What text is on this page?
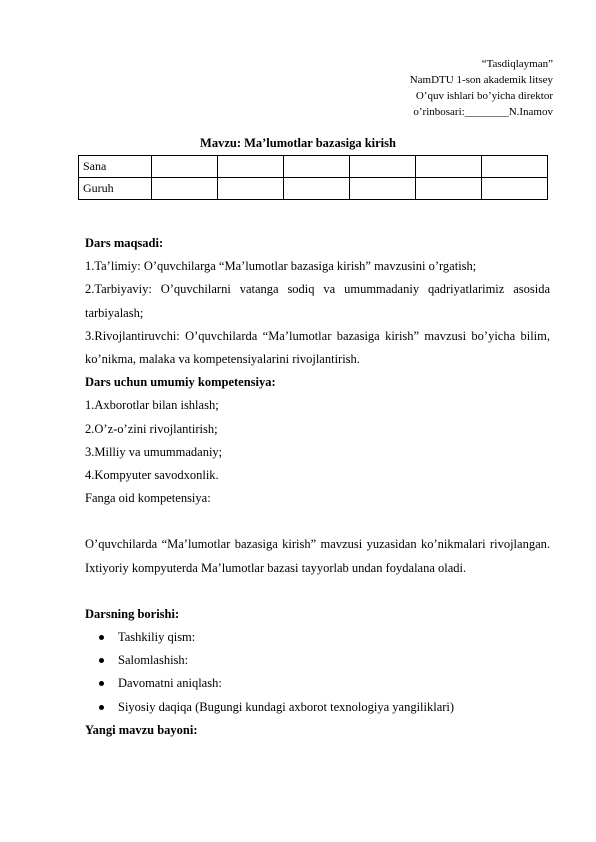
“Tasdiqlayman”
NamDTU 1-son akademik litsey
O’quv ishlari bo’yicha direktor
o’rinbosari:________N.Inamov
Mavzu: Ma’lumotlar bazasiga kirish
Sana						
Guruh						

Dars maqsadi:

1.Ta’limiy: O’quvchilarga “Ma’lumotlar bazasiga kirish” mavzusini o’rgatish;

2.Tarbiyaviy: O’quvchilarni vatanga sodiq va umummadaniy qadriyatlarimiz asosida tarbiyalash;

3.Rivojlantiruvchi: O’quvchilarda “Ma’lumotlar bazasiga kirish” mavzusi bo’yicha bilim, ko’nikma, malaka va kompetensiyalarini rivojlantirish.

Dars uchun umumiy kompetensiya:

1.Axborotlar bilan ishlash;

2.O’z-o’zini rivojlantirish;

3.Milliy va umummadaniy;

4.Kompyuter savodxonlik.

Fanga oid kompetensiya:

O’quvchilarda “Ma’lumotlar bazasiga kirish” mavzusi yuzasidan ko’nikmalari rivojlangan. Ixtiyoriy kompyuterda Ma’lumotlar bazasi tayyorlab undan foydalana oladi.

Darsning borishi:

Tashkiliy qism:
Salomlashish:
Davomatni aniqlash:
Siyosiy daqiqa (Bugungi kundagi axborot texnologiya yangiliklari)

Yangi mavzu bayoni:
